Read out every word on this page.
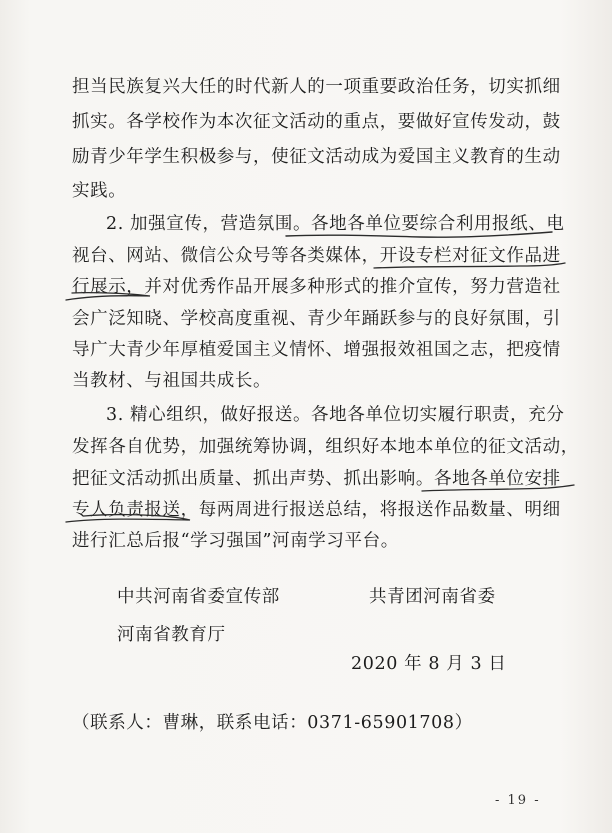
担当民族复兴大任的时代新人的一项重要政治任务，切实抓细
抓实。各学校作为本次征文活动的重点，要做好宣传发动，鼓
励青少年学生积极参与，使征文活动成为爱国主义教育的生动
实践。
2. 加强宣传，营造氛围。各地各单位要综合利用报纸、电
视台、网站、微信公众号等各类媒体，开设专栏对征文作品进
行展示，并对优秀作品开展多种形式的推介宣传，努力营造社
会广泛知晓、学校高度重视、青少年踊跃参与的良好氛围，引
导广大青少年厚植爱国主义情怀、增强报效祖国之志，把疫情
当教材、与祖国共成长。
3. 精心组织，做好报送。各地各单位切实履行职责，充分
发挥各自优势，加强统筹协调，组织好本地本单位的征文活动，
把征文活动抓出质量、抓出声势、抓出影响。各地各单位安排
专人负责报送，每两周进行报送总结，将报送作品数量、明细
进行汇总后报“学习强国”河南学习平台。
中共河南省委宣传部	共青团河南省委
河南省教育厅
2020 年 8 月 3 日
（联系人：曹琳，联系电话：0371-65901708）
- 19 -
